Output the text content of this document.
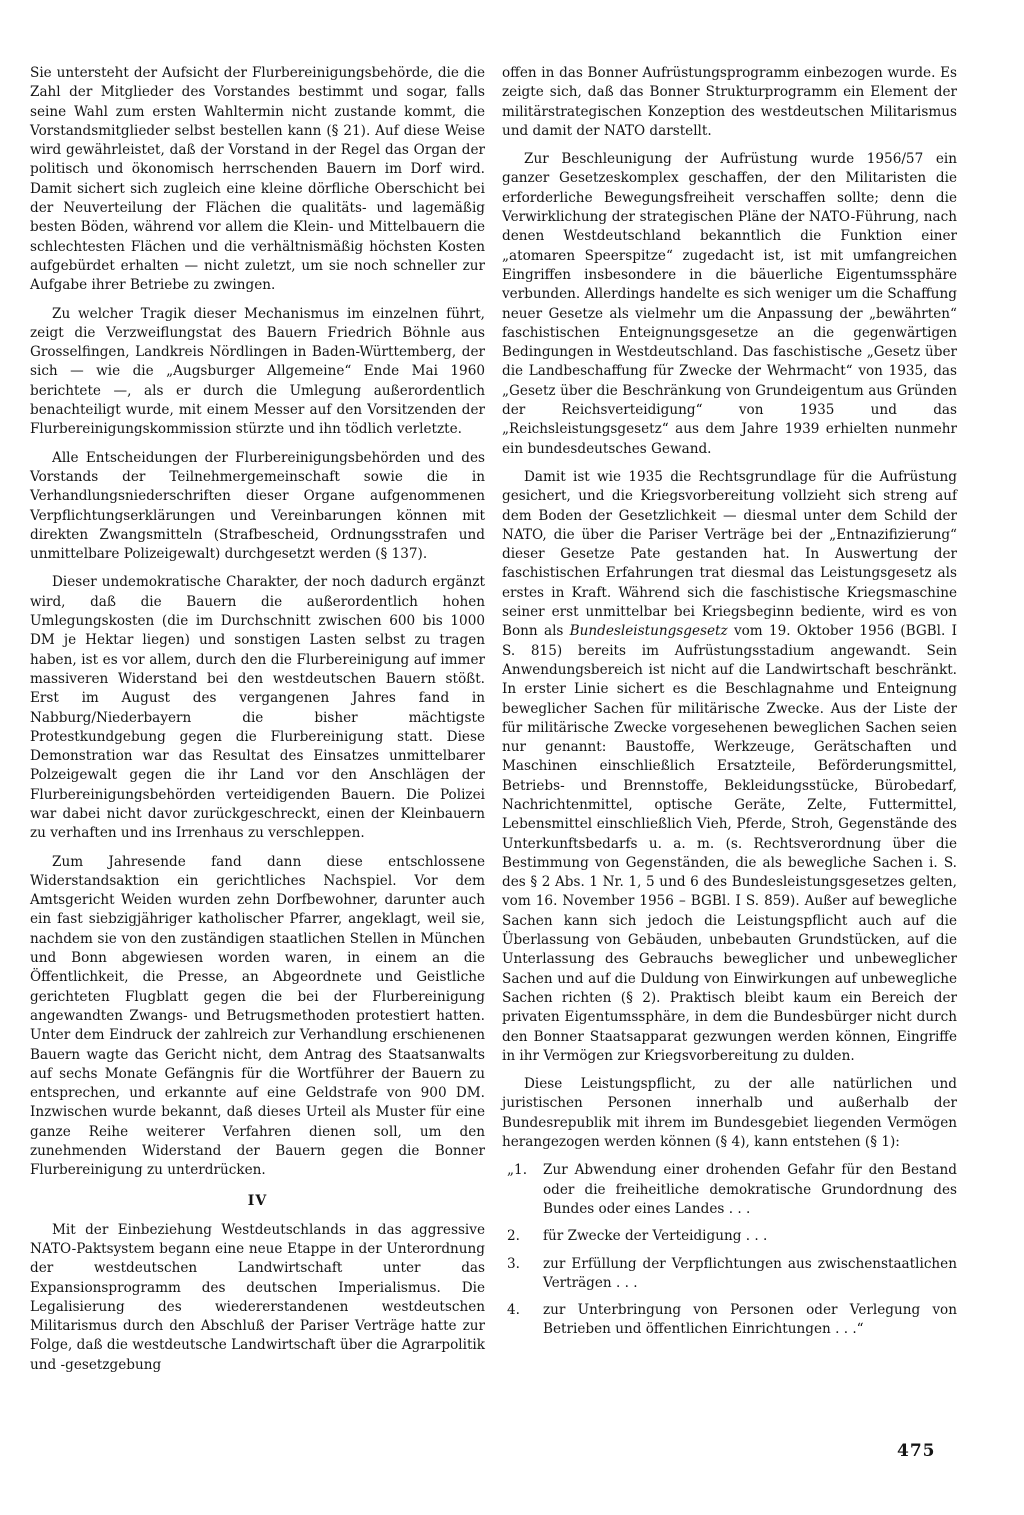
Sie untersteht der Aufsicht der Flurbereinigungsbehörde, die die Zahl der Mitglieder des Vorstandes bestimmt und sogar, falls seine Wahl zum ersten Wahltermin nicht zustande kommt, die Vorstandsmitglieder selbst bestellen kann (§ 21). Auf diese Weise wird gewährleistet, daß der Vorstand in der Regel das Organ der politisch und ökonomisch herrschenden Bauern im Dorf wird. Damit sichert sich zugleich eine kleine dörfliche Oberschicht bei der Neuverteilung der Flächen die qualitäts- und lagemäßig besten Böden, während vor allem die Klein- und Mittelbauern die schlechtesten Flächen und die verhältnismäßig höchsten Kosten aufgebürdet erhalten — nicht zuletzt, um sie noch schneller zur Aufgabe ihrer Betriebe zu zwingen.

Zu welcher Tragik dieser Mechanismus im einzelnen führt, zeigt die Verzweiflungstat des Bauern Friedrich Böhnle aus Grosselfingen, Landkreis Nördlingen in Baden-Württemberg, der sich — wie die „Augsburger Allgemeine“ Ende Mai 1960 berichtete —, als er durch die Umlegung außerordentlich benachteiligt wurde, mit einem Messer auf den Vorsitzenden der Flurbereinigungskommission stürzte und ihn tödlich verletzte.

Alle Entscheidungen der Flurbereinigungsbehörden und des Vorstands der Teilnehmergemeinschaft sowie die in Verhandlungsniederschriften dieser Organe aufgenommenen Verpflichtungserklärungen und Vereinbarungen können mit direkten Zwangsmitteln (Strafbescheid, Ordnungsstrafen und unmittelbare Polizeigewalt) durchgesetzt werden (§ 137).

Dieser undemokratische Charakter, der noch dadurch ergänzt wird, daß die Bauern die außerordentlich hohen Umlegungskosten (die im Durchschnitt zwischen 600 bis 1000 DM je Hektar liegen) und sonstigen Lasten selbst zu tragen haben, ist es vor allem, durch den die Flurbereinigung auf immer massiveren Widerstand bei den westdeutschen Bauern stößt. Erst im August des vergangenen Jahres fand in Nabburg/Niederbayern die bisher mächtigste Protestkundgebung gegen die Flurbereinigung statt. Diese Demonstration war das Resultat des Einsatzes unmittelbarer Polzeigewalt gegen die ihr Land vor den Anschlägen der Flurbereinigungsbehörden verteidigenden Bauern. Die Polizei war dabei nicht davor zurückgeschreckt, einen der Kleinbauern zu verhaften und ins Irrenhaus zu verschleppen.

Zum Jahresende fand dann diese entschlossene Widerstandsaktion ein gerichtliches Nachspiel. Vor dem Amtsgericht Weiden wurden zehn Dorfbewohner, darunter auch ein fast siebzigjähriger katholischer Pfarrer, angeklagt, weil sie, nachdem sie von den zuständigen staatlichen Stellen in München und Bonn abgewiesen worden waren, in einem an die Öffentlichkeit, die Presse, an Abgeordnete und Geistliche gerichteten Flugblatt gegen die bei der Flurbereinigung angewandten Zwangs- und Betrugsmethoden protestiert hatten. Unter dem Eindruck der zahlreich zur Verhandlung erschienenen Bauern wagte das Gericht nicht, dem Antrag des Staatsanwalts auf sechs Monate Gefängnis für die Wortführer der Bauern zu entsprechen, und erkannte auf eine Geldstrafe von 900 DM. Inzwischen wurde bekannt, daß dieses Urteil als Muster für eine ganze Reihe weiterer Verfahren dienen soll, um den zunehmenden Widerstand der Bauern gegen die Bonner Flurbereinigung zu unterdrücken.

IV

Mit der Einbeziehung Westdeutschlands in das aggressive NATO-Paktsystem begann eine neue Etappe in der Unterordnung der westdeutschen Landwirtschaft unter das Expansionsprogramm des deutschen Imperialismus. Die Legalisierung des wiedererstandenen westdeutschen Militarismus durch den Abschluß der Pariser Verträge hatte zur Folge, daß die westdeutsche Landwirtschaft über die Agrarpolitik und -gesetzgebung

offen in das Bonner Aufrüstungsprogramm einbezogen wurde. Es zeigte sich, daß das Bonner Strukturprogramm ein Element der militärstrategischen Konzeption des westdeutschen Militarismus und damit der NATO darstellt.

Zur Beschleunigung der Aufrüstung wurde 1956/57 ein ganzer Gesetzeskomplex geschaffen, der den Militaristen die erforderliche Bewegungsfreiheit verschaffen sollte; denn die Verwirklichung der strategischen Pläne der NATO-Führung, nach denen Westdeutschland bekanntlich die Funktion einer „atomaren Speerspitze“ zugedacht ist, ist mit umfangreichen Eingriffen insbesondere in die bäuerliche Eigentumssphäre verbunden. Allerdings handelte es sich weniger um die Schaffung neuer Gesetze als vielmehr um die Anpassung der „bewährten“ faschistischen Enteignungsgesetze an die gegenwärtigen Bedingungen in Westdeutschland. Das faschistische „Gesetz über die Landbeschaffung für Zwecke der Wehrmacht“ von 1935, das „Gesetz über die Beschränkung von Grundeigentum aus Gründen der Reichsverteidigung“ von 1935 und das „Reichsleistungsgesetz“ aus dem Jahre 1939 erhielten nunmehr ein bundesdeutsches Gewand.

Damit ist wie 1935 die Rechtsgrundlage für die Aufrüstung gesichert, und die Kriegsvorbereitung vollzieht sich streng auf dem Boden der Gesetzlichkeit — diesmal unter dem Schild der NATO, die über die Pariser Verträge bei der „Entnazifizierung“ dieser Gesetze Pate gestanden hat. In Auswertung der faschistischen Erfahrungen trat diesmal das Leistungsgesetz als erstes in Kraft. Während sich die faschistische Kriegsmaschine seiner erst unmittelbar bei Kriegsbeginn bediente, wird es von Bonn als Bundesleistungsgesetz vom 19. Oktober 1956 (BGBl. I S. 815) bereits im Aufrüstungsstadium angewandt. Sein Anwendungsbereich ist nicht auf die Landwirtschaft beschränkt. In erster Linie sichert es die Beschlagnahme und Enteignung beweglicher Sachen für militärische Zwecke. Aus der Liste der für militärische Zwecke vorgesehenen beweglichen Sachen seien nur genannt: Baustoffe, Werkzeuge, Gerätschaften und Maschinen einschließlich Ersatzteile, Beförderungsmittel, Betriebs- und Brennstoffe, Bekleidungsstücke, Bürobedarf, Nachrichtenmittel, optische Geräte, Zelte, Futtermittel, Lebensmittel einschließlich Vieh, Pferde, Stroh, Gegenstände des Unterkunftsbedarfs u. a. m. (s. Rechtsverordnung über die Bestimmung von Gegenständen, die als bewegliche Sachen i. S. des § 2 Abs. 1 Nr. 1, 5 und 6 des Bundesleistungsgesetzes gelten, vom 16. November 1956 – BGBl. I S. 859). Außer auf bewegliche Sachen kann sich jedoch die Leistungspflicht auch auf die Überlassung von Gebäuden, unbebauten Grundstücken, auf die Unterlassung des Gebrauchs beweglicher und unbeweglicher Sachen und auf die Duldung von Einwirkungen auf unbewegliche Sachen richten (§ 2). Praktisch bleibt kaum ein Bereich der privaten Eigentumssphäre, in dem die Bundesbürger nicht durch den Bonner Staatsapparat gezwungen werden können, Eingriffe in ihr Vermögen zur Kriegsvorbereitung zu dulden.

Diese Leistungspflicht, zu der alle natürlichen und juristischen Personen innerhalb und außerhalb der Bundesrepublik mit ihrem im Bundesgebiet liegenden Vermögen herangezogen werden können (§ 4), kann entstehen (§ 1):

„1.	Zur Abwendung einer drohenden Gefahr für den Bestand oder die freiheitliche demokratische Grundordnung des Bundes oder eines Landes . . .
2.	für Zwecke der Verteidigung . . .
3.	zur Erfüllung der Verpflichtungen aus zwischenstaatlichen Verträgen . . .
4.	zur Unterbringung von Personen oder Verlegung von Betrieben und öffentlichen Einrichtungen . . .“
475
